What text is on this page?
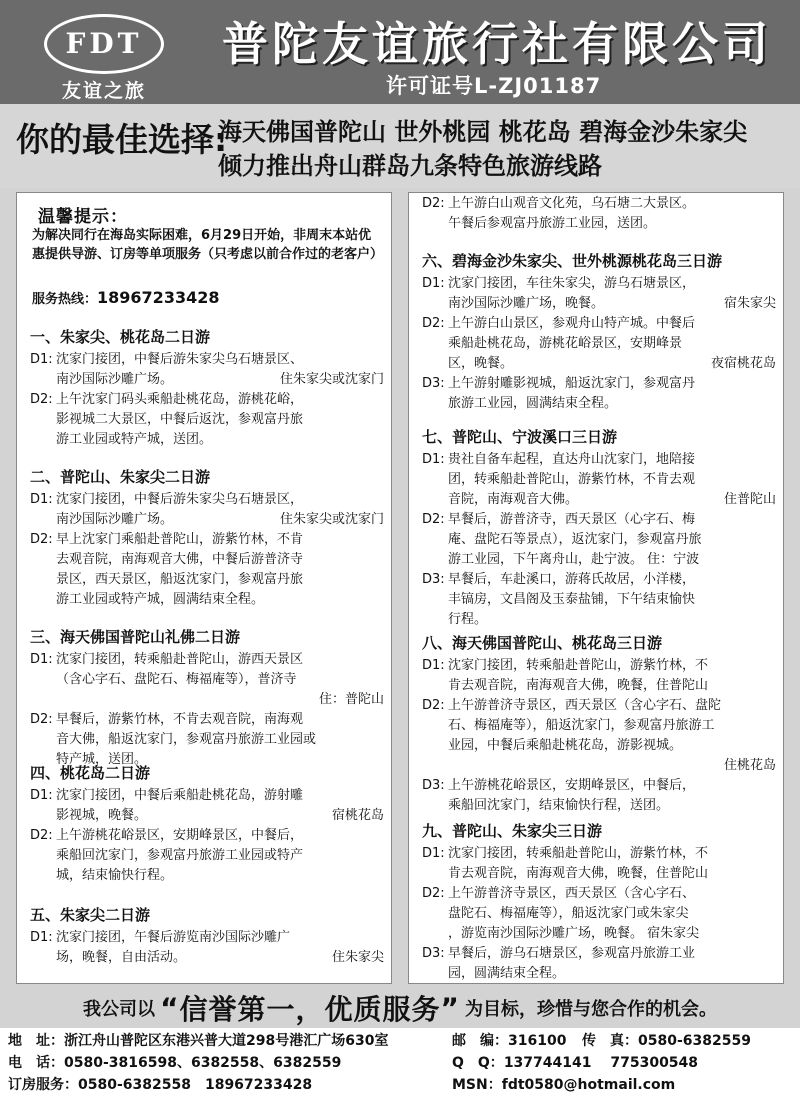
FDT
友谊之旅
普陀友谊旅行社有限公司
许可证号L-ZJ01187
你的最佳选择:
海天佛国普陀山 世外桃园 桃花岛 碧海金沙朱家尖
倾力推出舟山群岛九条特色旅游线路
温馨提示：
为解决同行在海岛实际困难，6月29日开始，非周末本站优惠提供导游、订房等单项服务（只考虑以前合作过的老客户）
服务热线：18967233428
一、朱家尖、桃花岛二日游
D1: 沈家门接团，中餐后游朱家尖乌石塘景区、
南沙国际沙雕广场。	住朱家尖或沈家门
D2: 上午沈家门码头乘船赴桃花岛，游桃花峪，
影视城二大景区，中餐后返沈，参观富丹旅
游工业园或特产城，送团。
二、普陀山、朱家尖二日游
D1: 沈家门接团，中餐后游朱家尖乌石塘景区，
南沙国际沙雕广场。	住朱家尖或沈家门
D2: 早上沈家门乘船赴普陀山，游紫竹林，不肯
去观音院，南海观音大佛，中餐后游普济寺
景区，西天景区，船返沈家门，参观富丹旅
游工业园或特产城，圆满结束全程。
三、海天佛国普陀山礼佛二日游
D1: 沈家门接团，转乘船赴普陀山，游西天景区
（含心字石、盘陀石、梅福庵等），普济寺
住：普陀山
D2: 早餐后，游紫竹林，不肯去观音院，南海观
音大佛，船返沈家门，参观富丹旅游工业园或
特产城，送团。
四、桃花岛二日游
D1: 沈家门接团，中餐后乘船赴桃花岛，游射雕
影视城，晚餐。	宿桃花岛
D2: 上午游桃花峪景区，安期峰景区，中餐后，
乘船回沈家门，参观富丹旅游工业园或特产
城，结束愉快行程。
五、朱家尖二日游
D1: 沈家门接团，午餐后游览南沙国际沙雕广
场，晚餐，自由活动。	住朱家尖
D2: 上午游白山观音文化苑，乌石塘二大景区。
午餐后参观富丹旅游工业园，送团。
六、碧海金沙朱家尖、世外桃源桃花岛三日游
D1: 沈家门接团，车往朱家尖，游乌石塘景区，
南沙国际沙雕广场，晚餐。	宿朱家尖
D2: 上午游白山景区，参观舟山特产城。中餐后
乘船赴桃花岛，游桃花峪景区，安期峰景
区，晚餐。	夜宿桃花岛
D3: 上午游射雕影视城，船返沈家门，参观富丹
旅游工业园，圆满结束全程。
七、普陀山、宁波溪口三日游
D1: 贵社自备车起程，直达舟山沈家门，地陪接
团，转乘船赴普陀山，游紫竹林，不肯去观
音院，南海观音大佛。	住普陀山
D2: 早餐后，游普济寺，西天景区（心字石、梅
庵、盘陀石等景点），返沈家门，参观富丹旅
游工业园，下午离舟山，赴宁波。 住：宁波
D3: 早餐后，车赴溪口，游蒋氏故居，小洋楼，
丰镐房，文昌阁及玉泰盐铺，下午结束愉快
行程。
八、海天佛国普陀山、桃花岛三日游
D1: 沈家门接团，转乘船赴普陀山，游紫竹林，不
肯去观音院，南海观音大佛，晚餐，住普陀山
D2: 上午游普济寺景区，西天景区（含心字石、盘陀
石、梅福庵等），船返沈家门，参观富丹旅游工
业园，中餐后乘船赴桃花岛，游影视城。
住桃花岛
D3: 上午游桃花峪景区，安期峰景区，中餐后，
乘船回沈家门，结束愉快行程，送团。
九、普陀山、朱家尖三日游
D1: 沈家门接团，转乘船赴普陀山，游紫竹林，不
肯去观音院，南海观音大佛，晚餐，住普陀山
D2: 上午游普济寺景区，西天景区（含心字石、
盘陀石、梅福庵等），船返沈家门或朱家尖
，游览南沙国际沙雕广场，晚餐。 宿朱家尖
D3: 早餐后，游乌石塘景区，参观富丹旅游工业
园，圆满结束全程。
我公司以 “信誉第一，优质服务” 为目标，珍惜与您合作的机会。
地　址：浙江舟山普陀区东港兴普大道298号港汇广场630室	邮　编：316100 传　真：0580-6382559
电　话：0580-3816598、6382558、6382559	Q　Q：137744141　 775300548
订房服务：0580-6382558　18967233428	MSN：fdt0580@hotmail.com
